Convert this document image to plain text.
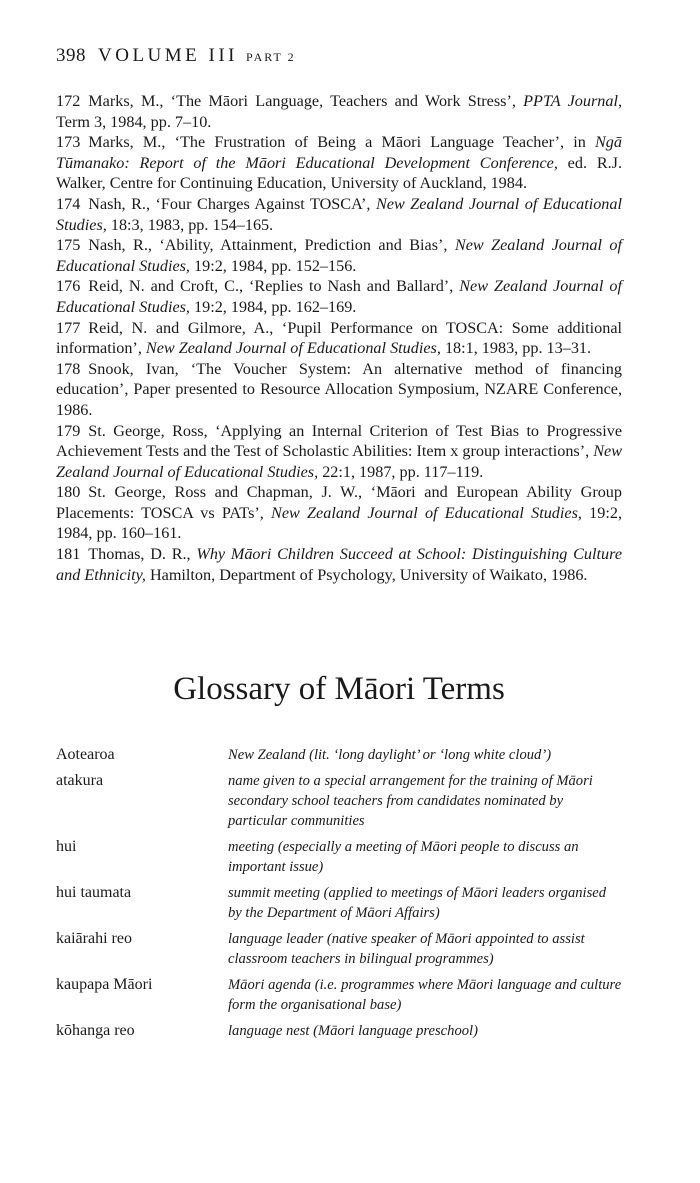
398 VOLUME III PART 2

172 Marks, M., ‘The Māori Language, Teachers and Work Stress’, PPTA Journal, Term 3, 1984, pp. 7–10.

173 Marks, M., ‘The Frustration of Being a Māori Language Teacher’, in Ngā Tūmanako: Report of the Māori Educational Development Conference, ed. R.J. Walker, Centre for Continuing Education, University of Auckland, 1984.

174 Nash, R., ‘Four Charges Against TOSCA’, New Zealand Journal of Educational Studies, 18:3, 1983, pp. 154–165.

175 Nash, R., ‘Ability, Attainment, Prediction and Bias’, New Zealand Journal of Educational Studies, 19:2, 1984, pp. 152–156.

176 Reid, N. and Croft, C., ‘Replies to Nash and Ballard’, New Zealand Journal of Educational Studies, 19:2, 1984, pp. 162–169.

177 Reid, N. and Gilmore, A., ‘Pupil Performance on TOSCA: Some additional information’, New Zealand Journal of Educational Studies, 18:1, 1983, pp. 13–31.

178 Snook, Ivan, ‘The Voucher System: An alternative method of financing education’, Paper presented to Resource Allocation Symposium, NZARE Conference, 1986.

179 St. George, Ross, ‘Applying an Internal Criterion of Test Bias to Progressive Achievement Tests and the Test of Scholastic Abilities: Item x group interactions’, New Zealand Journal of Educational Studies, 22:1, 1987, pp. 117–119.

180 St. George, Ross and Chapman, J. W., ‘Māori and European Ability Group Placements: TOSCA vs PATs’, New Zealand Journal of Educational Studies, 19:2, 1984, pp. 160–161.

181 Thomas, D. R., Why Māori Children Succeed at School: Distinguishing Culture and Ethnicity, Hamilton, Department of Psychology, University of Waikato, 1986.

Glossary of Māori Terms
Aotearoa	New Zealand (lit. ‘long daylight’ or ‘long white cloud’)
atakura	name given to a special arrangement for the training of Māori secondary school teachers from candidates nominated by particular communities
hui	meeting (especially a meeting of Māori people to discuss an important issue)
hui taumata	summit meeting (applied to meetings of Māori leaders organised by the Department of Māori Affairs)
kaiārahi reo	language leader (native speaker of Māori appointed to assist classroom teachers in bilingual programmes)
kaupapa Māori	Māori agenda (i.e. programmes where Māori language and culture form the organisational base)
kōhanga reo	language nest (Māori language preschool)
